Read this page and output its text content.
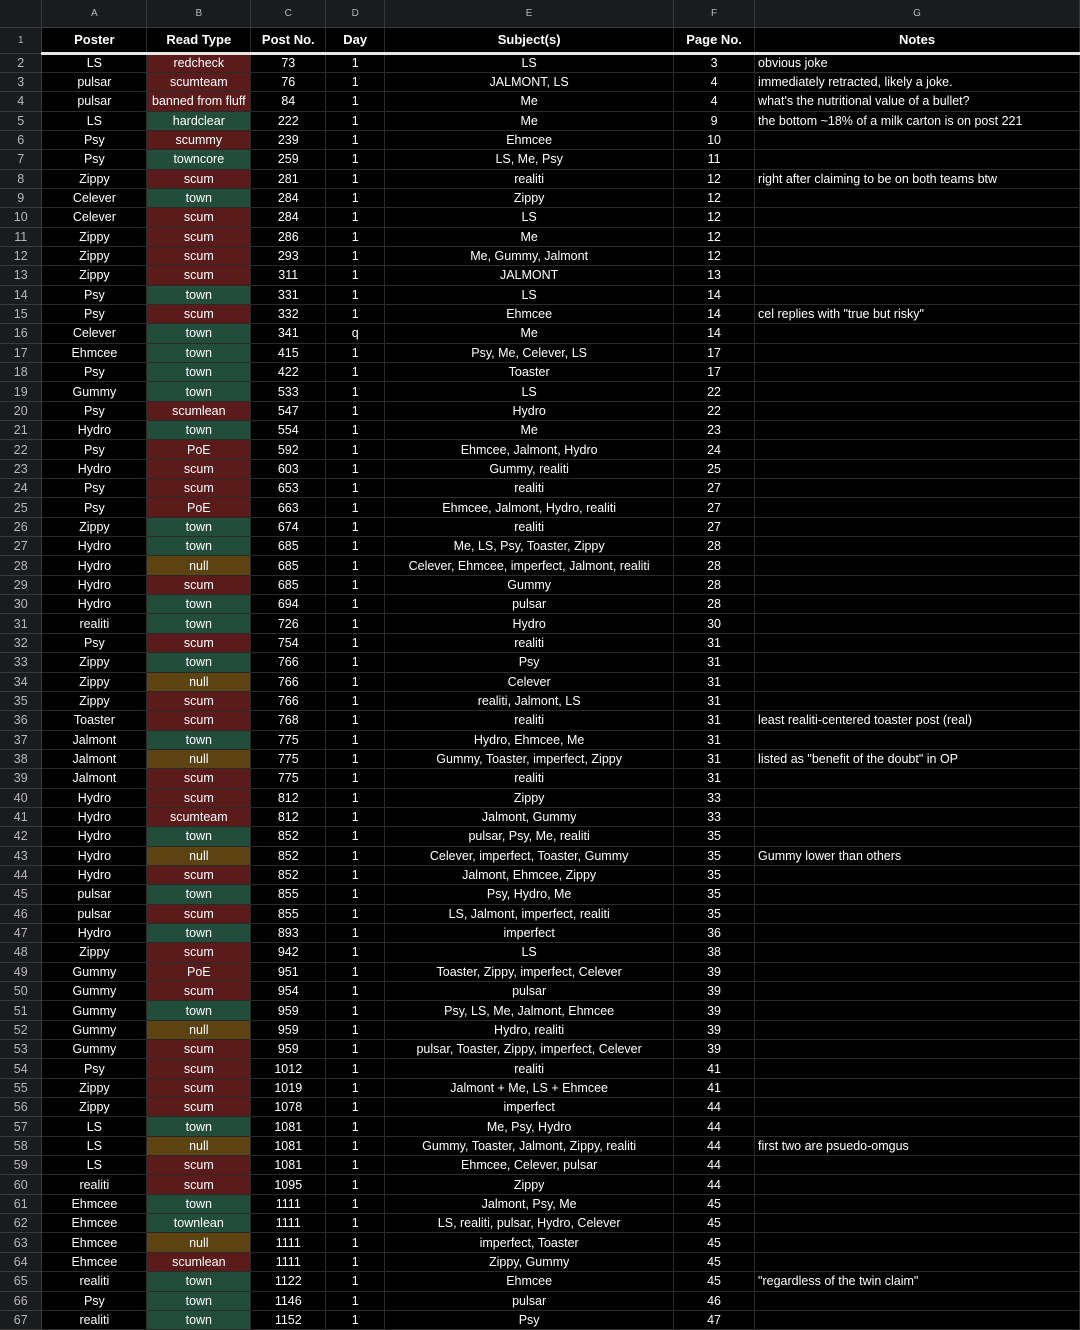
	A	B	C	D	E	F	G
1	Poster	Read Type	Post No.	Day	Subject(s)	Page No.	Notes
2	LS	redcheck	73	1	LS	3	obvious joke
3	pulsar	scumteam	76	1	JALMONT, LS	4	immediately retracted, likely a joke.
4	pulsar	banned from fluff	84	1	Me	4	what's the nutritional value of a bullet?
5	LS	hardclear	222	1	Me	9	the bottom ~18% of a milk carton is on post 221
6	Psy	scummy	239	1	Ehmcee	10	
7	Psy	towncore	259	1	LS, Me, Psy	11	
8	Zippy	scum	281	1	realiti	12	right after claiming to be on both teams btw
9	Celever	town	284	1	Zippy	12	
10	Celever	scum	284	1	LS	12	
11	Zippy	scum	286	1	Me	12	
12	Zippy	scum	293	1	Me, Gummy, Jalmont	12	
13	Zippy	scum	311	1	JALMONT	13	
14	Psy	town	331	1	LS	14	
15	Psy	scum	332	1	Ehmcee	14	cel replies with "true but risky"
16	Celever	town	341	q	Me	14	
17	Ehmcee	town	415	1	Psy, Me, Celever, LS	17	
18	Psy	town	422	1	Toaster	17	
19	Gummy	town	533	1	LS	22	
20	Psy	scumlean	547	1	Hydro	22	
21	Hydro	town	554	1	Me	23	
22	Psy	PoE	592	1	Ehmcee, Jalmont, Hydro	24	
23	Hydro	scum	603	1	Gummy, realiti	25	
24	Psy	scum	653	1	realiti	27	
25	Psy	PoE	663	1	Ehmcee, Jalmont, Hydro, realiti	27	
26	Zippy	town	674	1	realiti	27	
27	Hydro	town	685	1	Me, LS, Psy, Toaster, Zippy	28	
28	Hydro	null	685	1	Celever, Ehmcee, imperfect, Jalmont, realiti	28	
29	Hydro	scum	685	1	Gummy	28	
30	Hydro	town	694	1	pulsar	28	
31	realiti	town	726	1	Hydro	30	
32	Psy	scum	754	1	realiti	31	
33	Zippy	town	766	1	Psy	31	
34	Zippy	null	766	1	Celever	31	
35	Zippy	scum	766	1	realiti, Jalmont, LS	31	
36	Toaster	scum	768	1	realiti	31	least realiti-centered toaster post (real)
37	Jalmont	town	775	1	Hydro, Ehmcee, Me	31	
38	Jalmont	null	775	1	Gummy, Toaster, imperfect, Zippy	31	listed as "benefit of the doubt" in OP
39	Jalmont	scum	775	1	realiti	31	
40	Hydro	scum	812	1	Zippy	33	
41	Hydro	scumteam	812	1	Jalmont, Gummy	33	
42	Hydro	town	852	1	pulsar, Psy, Me, realiti	35	
43	Hydro	null	852	1	Celever, imperfect, Toaster, Gummy	35	Gummy lower than others
44	Hydro	scum	852	1	Jalmont, Ehmcee, Zippy	35	
45	pulsar	town	855	1	Psy, Hydro, Me	35	
46	pulsar	scum	855	1	LS, Jalmont, imperfect, realiti	35	
47	Hydro	town	893	1	imperfect	36	
48	Zippy	scum	942	1	LS	38	
49	Gummy	PoE	951	1	Toaster, Zippy, imperfect, Celever	39	
50	Gummy	scum	954	1	pulsar	39	
51	Gummy	town	959	1	Psy, LS, Me, Jalmont, Ehmcee	39	
52	Gummy	null	959	1	Hydro, realiti	39	
53	Gummy	scum	959	1	pulsar, Toaster, Zippy, imperfect, Celever	39	
54	Psy	scum	1012	1	realiti	41	
55	Zippy	scum	1019	1	Jalmont + Me, LS + Ehmcee	41	
56	Zippy	scum	1078	1	imperfect	44	
57	LS	town	1081	1	Me, Psy, Hydro	44	
58	LS	null	1081	1	Gummy, Toaster, Jalmont, Zippy, realiti	44	first two are psuedo-omgus
59	LS	scum	1081	1	Ehmcee, Celever, pulsar	44	
60	realiti	scum	1095	1	Zippy	44	
61	Ehmcee	town	1111	1	Jalmont, Psy, Me	45	
62	Ehmcee	townlean	1111	1	LS, realiti, pulsar, Hydro, Celever	45	
63	Ehmcee	null	1111	1	imperfect, Toaster	45	
64	Ehmcee	scumlean	1111	1	Zippy, Gummy	45	
65	realiti	town	1122	1	Ehmcee	45	"regardless of the twin claim"
66	Psy	town	1146	1	pulsar	46	
67	realiti	town	1152	1	Psy	47	
